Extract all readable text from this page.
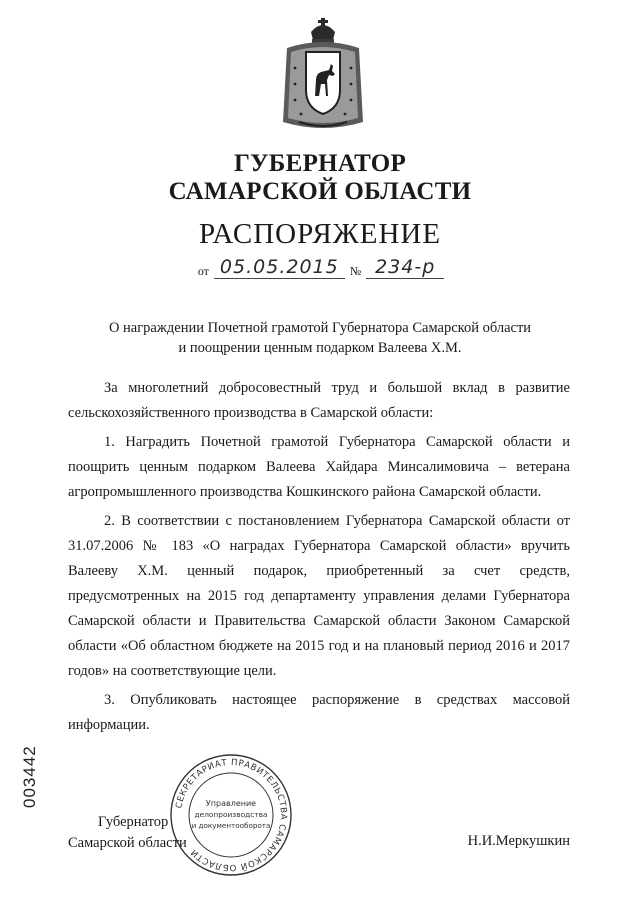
ГУБЕРНАТОР
САМАРСКОЙ ОБЛАСТИ
РАСПОРЯЖЕНИЕ
от 05.05.2015 № 234-р
О награждении Почетной грамотой Губернатора Самарской области
и поощрении ценным подарком Валеева Х.М.

За многолетний добросовестный труд и большой вклад в развитие сельскохозяйственного производства в Самарской области:

1. Наградить Почетной грамотой Губернатора Самарской области и поощрить ценным подарком Валеева Хайдара Минсалимовича – ветерана агропромышленного производства Кошкинского района Самарской области.

2. В соответствии с постановлением Губернатора Самарской области от 31.07.2006 № 183 «О наградах Губернатора Самарской области» вручить Валееву Х.М. ценный подарок, приобретенный за счет средств, предусмотренных на 2015 год департаменту управления делами Губернатора Самарской области и Правительства Самарской области Законом Самарской области «Об областном бюджете на 2015 год и на плановый период 2016 и 2017 годов» на соответствующие цели.

3. Опубликовать настоящее распоряжение в средствах массовой информации.

Губернатор
Самарской области	Н.И.Меркушкин
СЕКРЕТАРИАТ ПРАВИТЕЛЬСТВА САМАРСКОЙ ОБЛАСТИ
Управление
делопроизводства
и документооборота
003442
